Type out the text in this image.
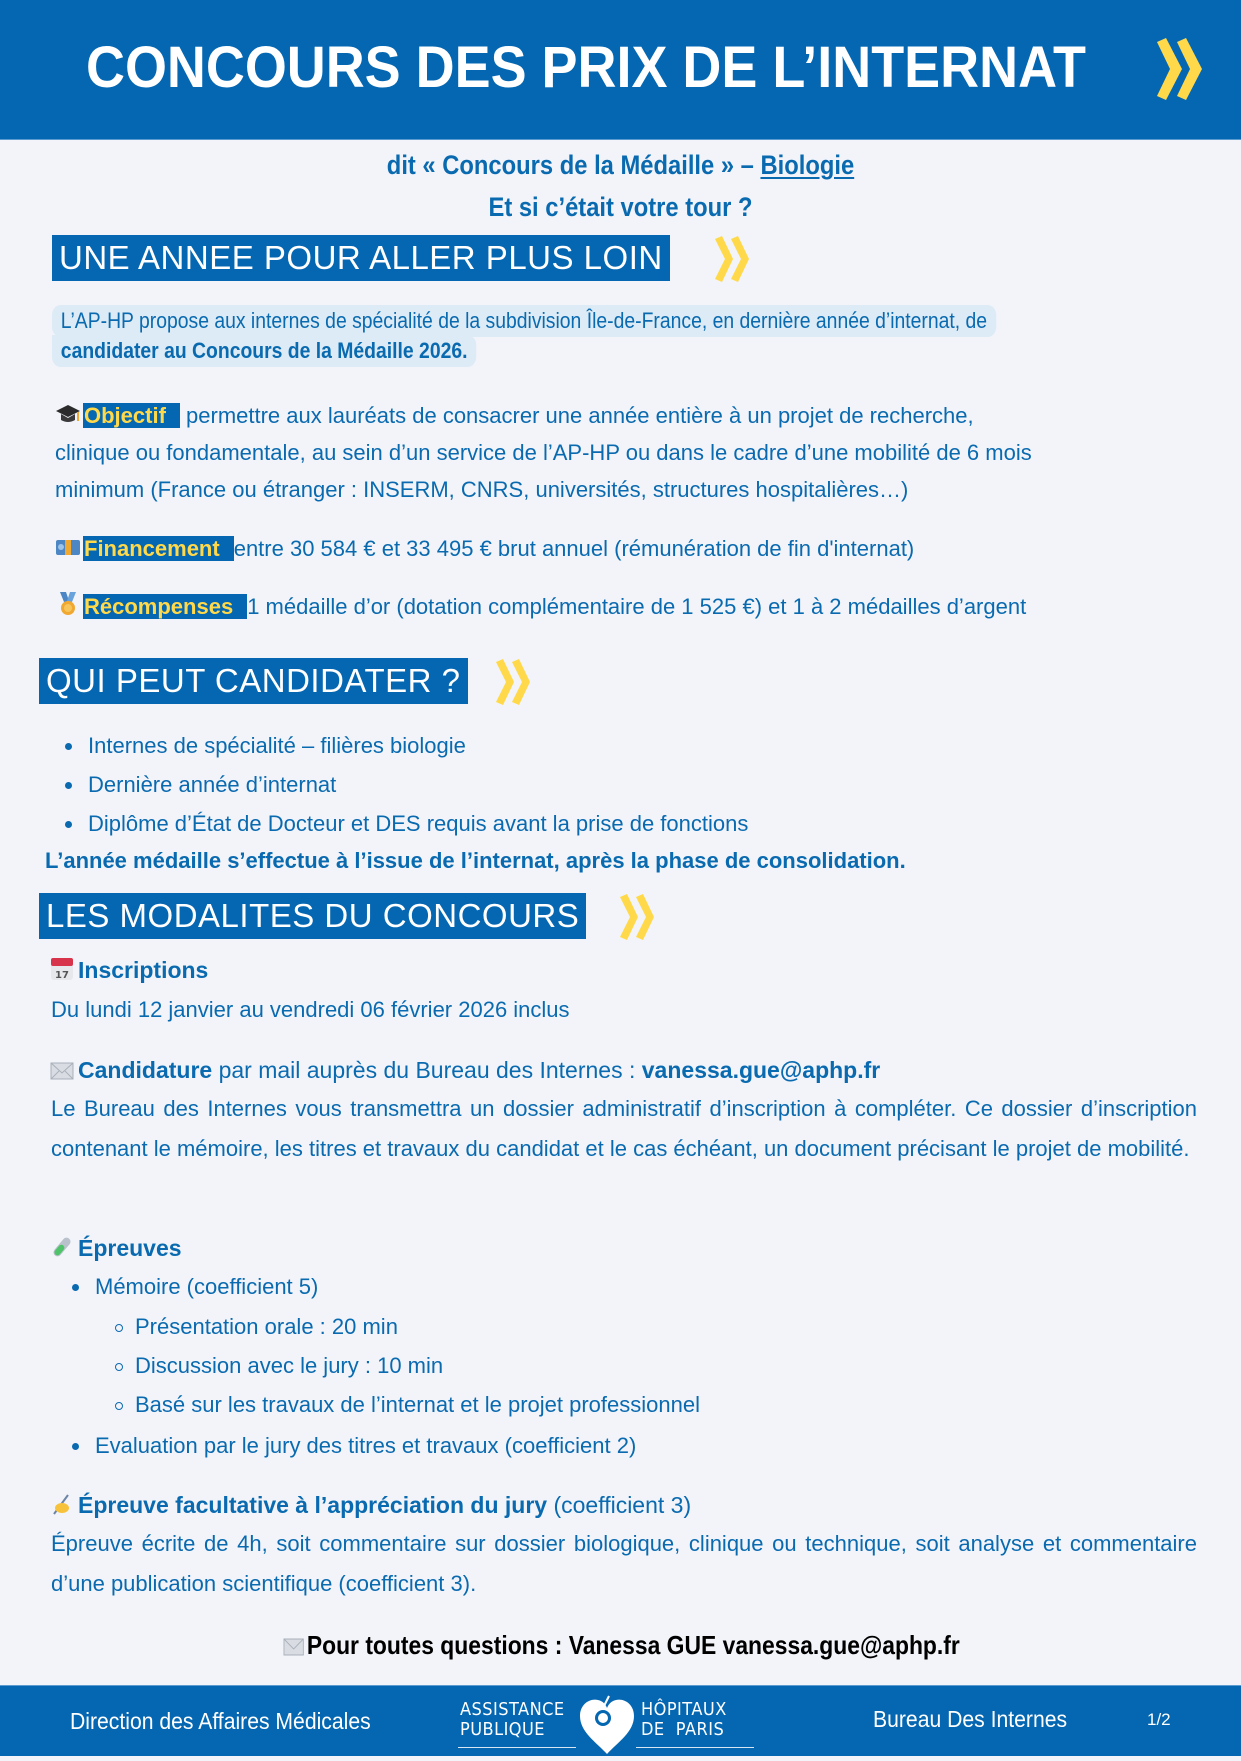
CONCOURS DES PRIX DE L’INTERNAT
dit « Concours de la Médaille » – Biologie
Et si c’était votre tour ?
UNE ANNEE POUR ALLER PLUS LOIN
L’AP-HP propose aux internes de spécialité de la subdivision Île-de-France, en dernière année d’internat, de
candidater au Concours de la Médaille 2026.
Objectif permettre aux lauréats de consacrer une année entière à un projet de recherche,
clinique ou fondamentale, au sein d’un service de l’AP-HP ou dans le cadre d’une mobilité de 6 mois
minimum (France ou étranger : INSERM, CNRS, universités, structures hospitalières…)
Financement entre 30 584 € et 33 495 € brut annuel (rémunération de fin d'internat)
Récompenses 1 médaille d’or (dotation complémentaire de 1 525 €) et 1 à 2 médailles d’argent
QUI PEUT CANDIDATER ?
Internes de spécialité – filières biologie
Dernière année d’internat
Diplôme d’État de Docteur et DES requis avant la prise de fonctions
L’année médaille s’effectue à l’issue de l’internat, après la phase de consolidation.
LES MODALITES DU CONCOURS
17 Inscriptions
Du lundi 12 janvier au vendredi 06 février 2026 inclus
Candidature par mail auprès du Bureau des Internes : vanessa.gue@aphp.fr
Le Bureau des Internes vous transmettra un dossier administratif d’inscription à compléter. Ce dossier d’inscription contenant le mémoire, les titres et travaux du candidat et le cas échéant, un document précisant le projet de mobilité.
Épreuves
Mémoire (coefficient 5)
Présentation orale : 20 min
Discussion avec le jury : 10 min
Basé sur les travaux de l’internat et le projet professionnel
Evaluation par le jury des titres et travaux (coefficient 2)
Épreuve facultative à l’appréciation du jury (coefficient 3)
Épreuve écrite de 4h, soit commentaire sur dossier biologique, clinique ou technique, soit analyse et commentaire d’une publication scientifique (coefficient 3).
Pour toutes questions : Vanessa GUE vanessa.gue@aphp.fr
Direction des Affaires Médicales	ASSISTANCE
PUBLIQUE
HÔPITAUX
DE  PARIS	Bureau Des Internes	1/2
